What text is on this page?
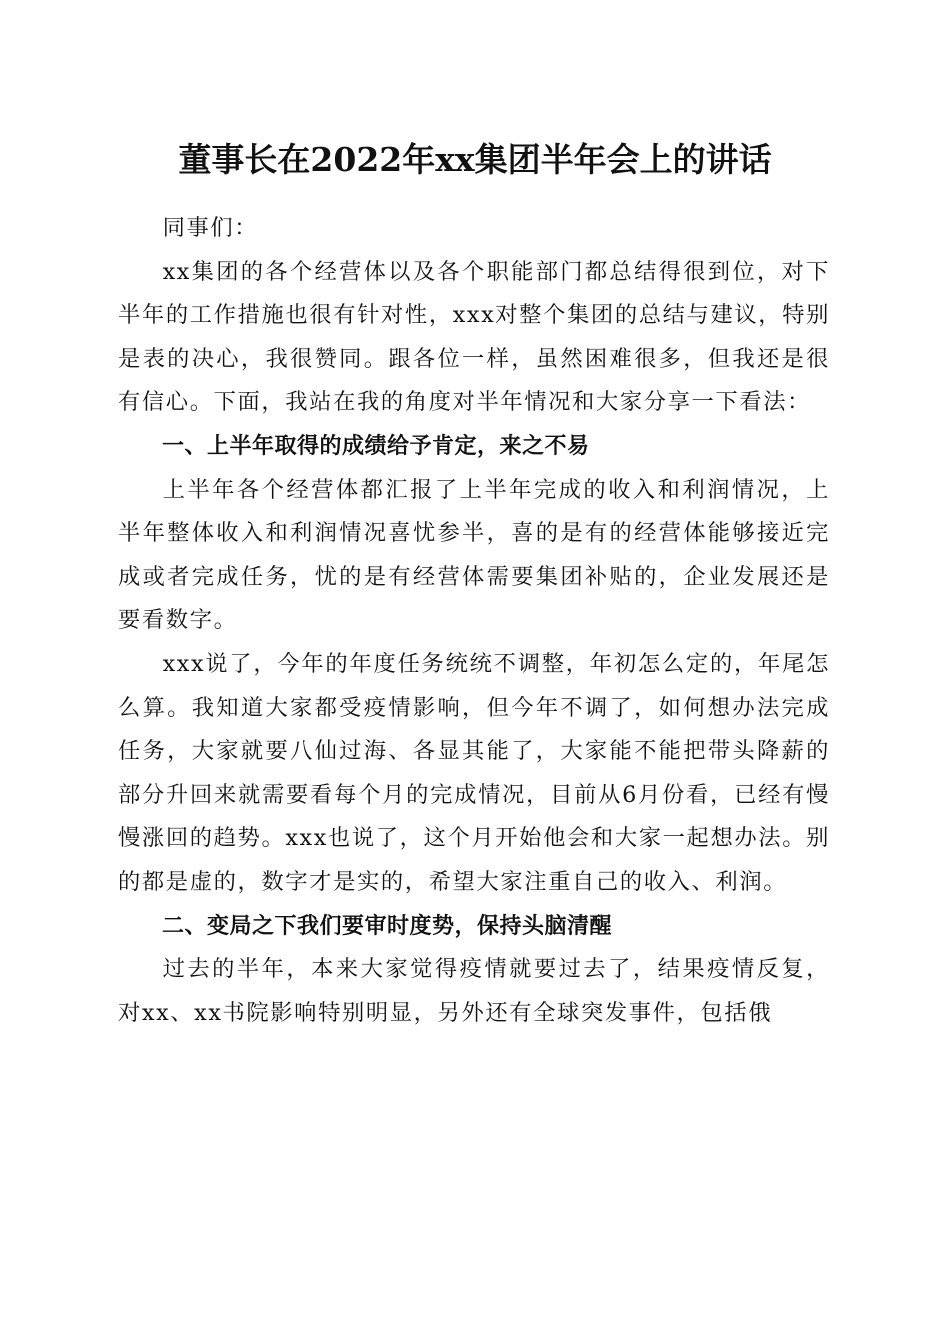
董事长在2022年xx集团半年会上的讲话

同事们：

xx集团的各个经营体以及各个职能部门都总结得很到位，对下半年的工作措施也很有针对性，xxx对整个集团的总结与建议，特别是表的决心，我很赞同。跟各位一样，虽然困难很多，但我还是很有信心。下面，我站在我的角度对半年情况和大家分享一下看法：

一、上半年取得的成绩给予肯定，来之不易

上半年各个经营体都汇报了上半年完成的收入和利润情况，上半年整体收入和利润情况喜忧参半，喜的是有的经营体能够接近完成或者完成任务，忧的是有经营体需要集团补贴的，企业发展还是要看数字。

xxx说了，今年的年度任务统统不调整，年初怎么定的，年尾怎么算。我知道大家都受疫情影响，但今年不调了，如何想办法完成任务，大家就要八仙过海、各显其能了，大家能不能把带头降薪的部分升回来就需要看每个月的完成情况，目前从6月份看，已经有慢慢涨回的趋势。xxx也说了，这个月开始他会和大家一起想办法。别的都是虚的，数字才是实的，希望大家注重自己的收入、利润。

二、变局之下我们要审时度势，保持头脑清醒

过去的半年，本来大家觉得疫情就要过去了，结果疫情反复，对xx、xx书院影响特别明显，另外还有全球突发事件，包括俄
